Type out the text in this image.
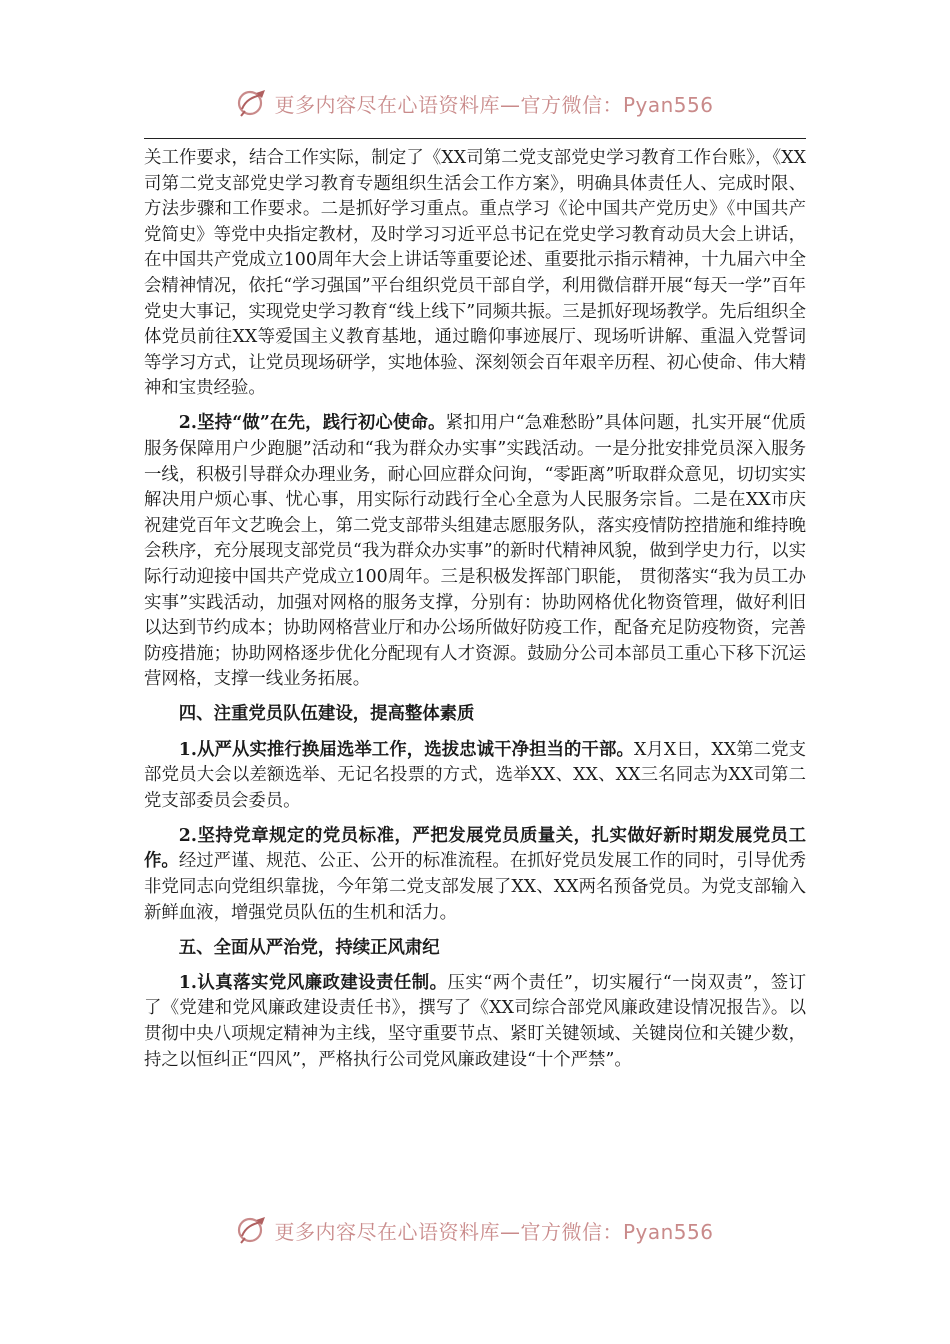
更多内容尽在心语资料库—官方微信：Pyan556

关工作要求，结合工作实际，制定了《XX司第二党支部党史学习教育工作台账》，《XX司第二党支部党史学习教育专题组织生活会工作方案》，明确具体责任人、完成时限、方法步骤和工作要求。二是抓好学习重点。重点学习《论中国共产党历史》《中国共产党简史》等党中央指定教材，及时学习习近平总书记在党史学习教育动员大会上讲话，在中国共产党成立100周年大会上讲话等重要论述、重要批示指示精神，十九届六中全会精神情况，依托“学习强国”平台组织党员干部自学，利用微信群开展“每天一学”百年党史大事记，实现党史学习教育“线上线下”同频共振。三是抓好现场教学。先后组织全体党员前往XX等爱国主义教育基地，通过瞻仰事迹展厅、现场听讲解、重温入党誓词等学习方式，让党员现场研学，实地体验、深刻领会百年艰辛历程、初心使命、伟大精神和宝贵经验。

2.坚持“做”在先，践行初心使命。紧扣用户“急难愁盼”具体问题，扎实开展“优质服务保障用户少跑腿”活动和“我为群众办实事”实践活动。一是分批安排党员深入服务一线，积极引导群众办理业务，耐心回应群众问询，“零距离”听取群众意见，切切实实解决用户烦心事、忧心事，用实际行动践行全心全意为人民服务宗旨。二是在XX市庆祝建党百年文艺晚会上，第二党支部带头组建志愿服务队，落实疫情防控措施和维持晚会秩序，充分展现支部党员“我为群众办实事”的新时代精神风貌，做到学史力行，以实际行动迎接中国共产党成立100周年。三是积极发挥部门职能， 贯彻落实“我为员工办实事”实践活动，加强对网格的服务支撑，分别有：协助网格优化物资管理，做好利旧以达到节约成本；协助网格营业厅和办公场所做好防疫工作，配备充足防疫物资，完善防疫措施；协助网格逐步优化分配现有人才资源。鼓励分公司本部员工重心下移下沉运营网格，支撑一线业务拓展。

四、注重党员队伍建设，提高整体素质

1.从严从实推行换届选举工作，选拔忠诚干净担当的干部。X月X日，XX第二党支部党员大会以差额选举、无记名投票的方式，选举XX、XX、XX三名同志为XX司第二党支部委员会委员。

2.坚持党章规定的党员标准，严把发展党员质量关，扎实做好新时期发展党员工作。经过严谨、规范、公正、公开的标准流程。在抓好党员发展工作的同时，引导优秀非党同志向党组织靠拢，今年第二党支部发展了XX、XX两名预备党员。为党支部输入新鲜血液，增强党员队伍的生机和活力。

五、全面从严治党，持续正风肃纪

1.认真落实党风廉政建设责任制。压实“两个责任”，切实履行“一岗双责”，签订了《党建和党风廉政建设责任书》，撰写了《XX司综合部党风廉政建设情况报告》。以贯彻中央八项规定精神为主线，坚守重要节点、紧盯关键领域、关键岗位和关键少数，持之以恒纠正“四风”，严格执行公司党风廉政建设“十个严禁”。

更多内容尽在心语资料库—官方微信：Pyan556
